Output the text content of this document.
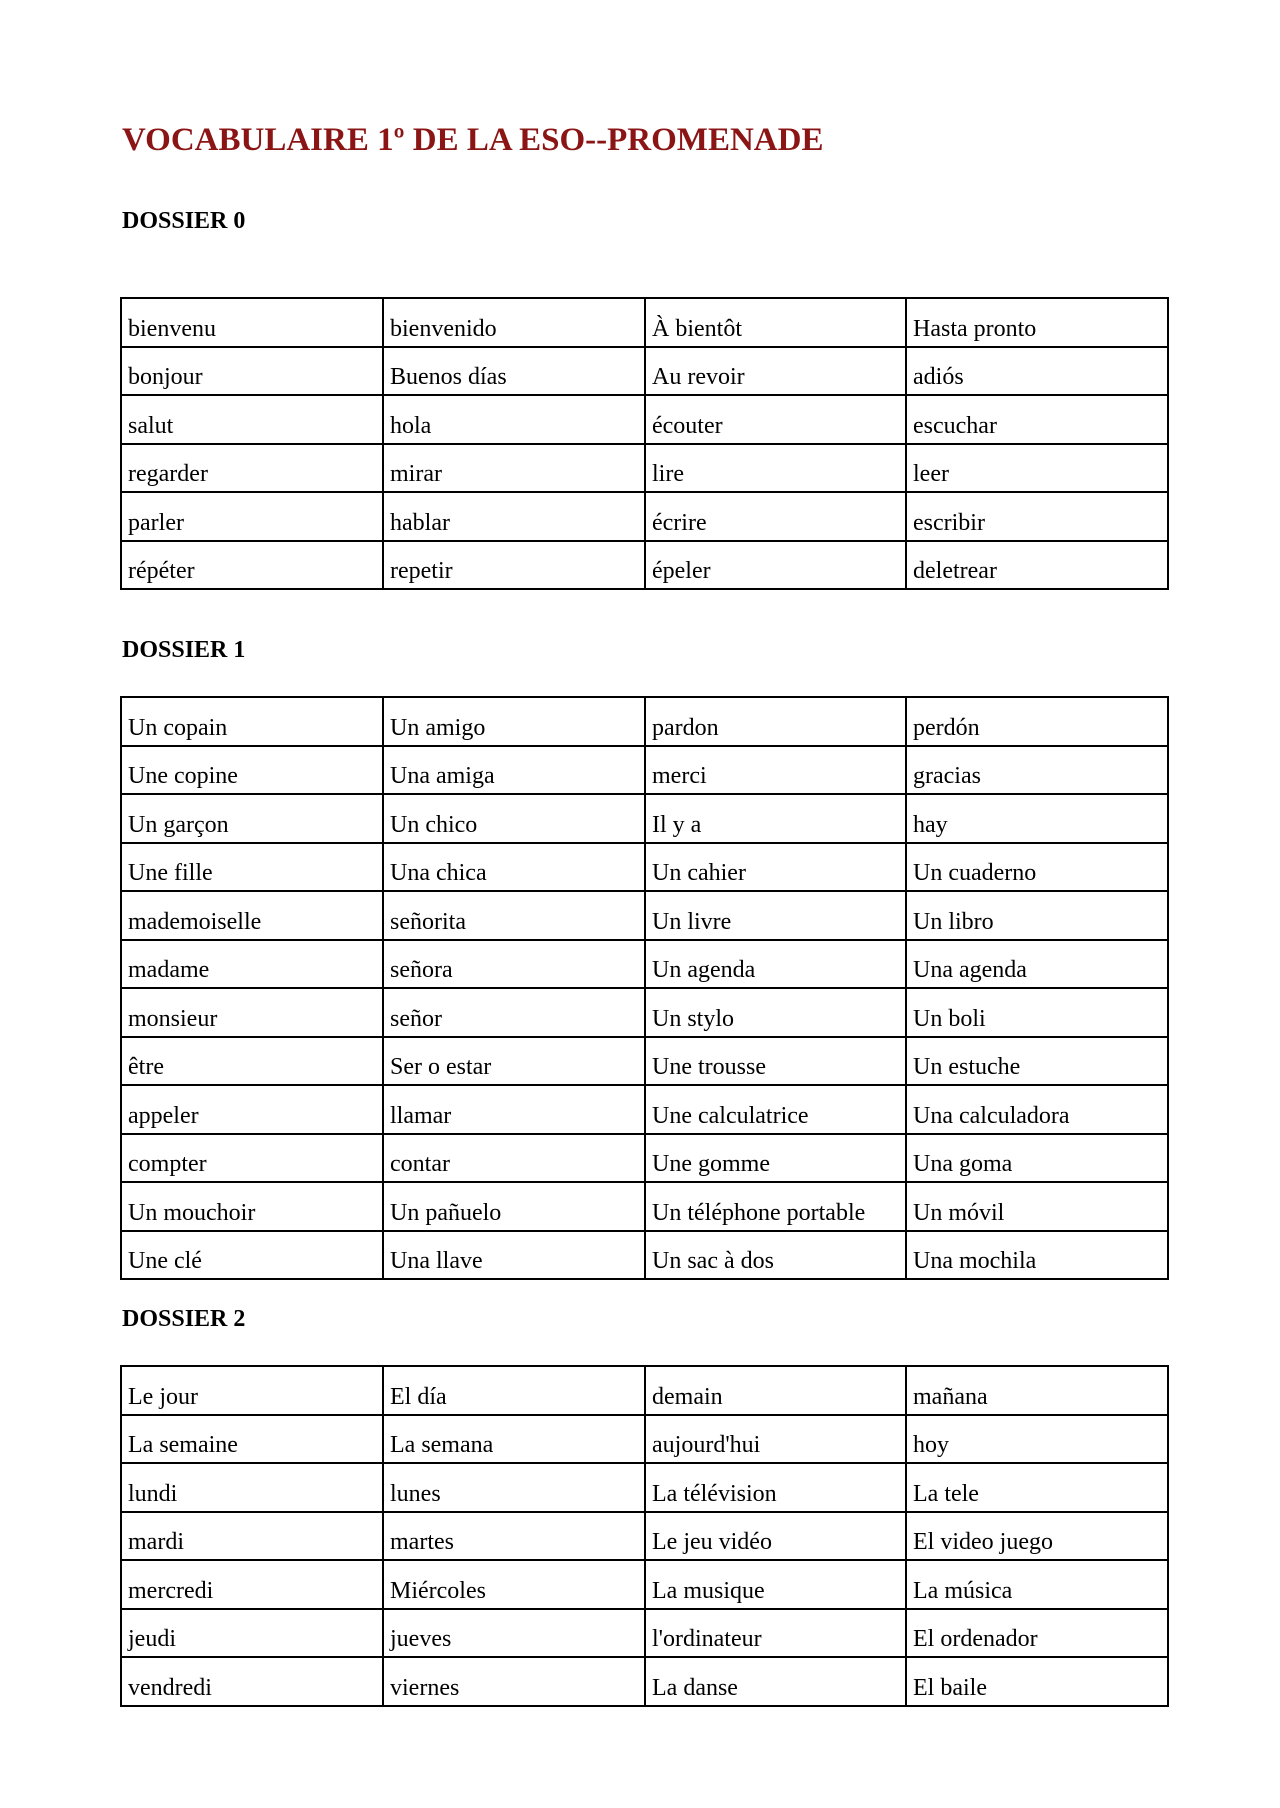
VOCABULAIRE 1º DE LA ESO--PROMENADE
DOSSIER 0
bienvenu	bienvenido	À bientôt	Hasta pronto
bonjour	Buenos días	Au revoir	adiós
salut	hola	écouter	escuchar
regarder	mirar	lire	leer
parler	hablar	écrire	escribir
répéter	repetir	épeler	deletrear
DOSSIER 1
Un copain	Un amigo	pardon	perdón
Une copine	Una amiga	merci	gracias
Un garçon	Un chico	Il y a	hay
Une fille	Una chica	Un cahier	Un cuaderno
mademoiselle	señorita	Un livre	Un libro
madame	señora	Un agenda	Una agenda
monsieur	señor	Un stylo	Un boli
être	Ser o estar	Une trousse	Un estuche
appeler	llamar	Une calculatrice	Una calculadora
compter	contar	Une gomme	Una goma
Un mouchoir	Un pañuelo	Un téléphone portable	Un móvil
Une clé	Una llave	Un sac à dos	Una mochila
DOSSIER 2
Le jour	El día	demain	mañana
La semaine	La semana	aujourd'hui	hoy
lundi	lunes	La télévision	La tele
mardi	martes	Le jeu vidéo	El video juego
mercredi	Miércoles	La musique	La música
jeudi	jueves	l'ordinateur	El ordenador
vendredi	viernes	La danse	El baile
